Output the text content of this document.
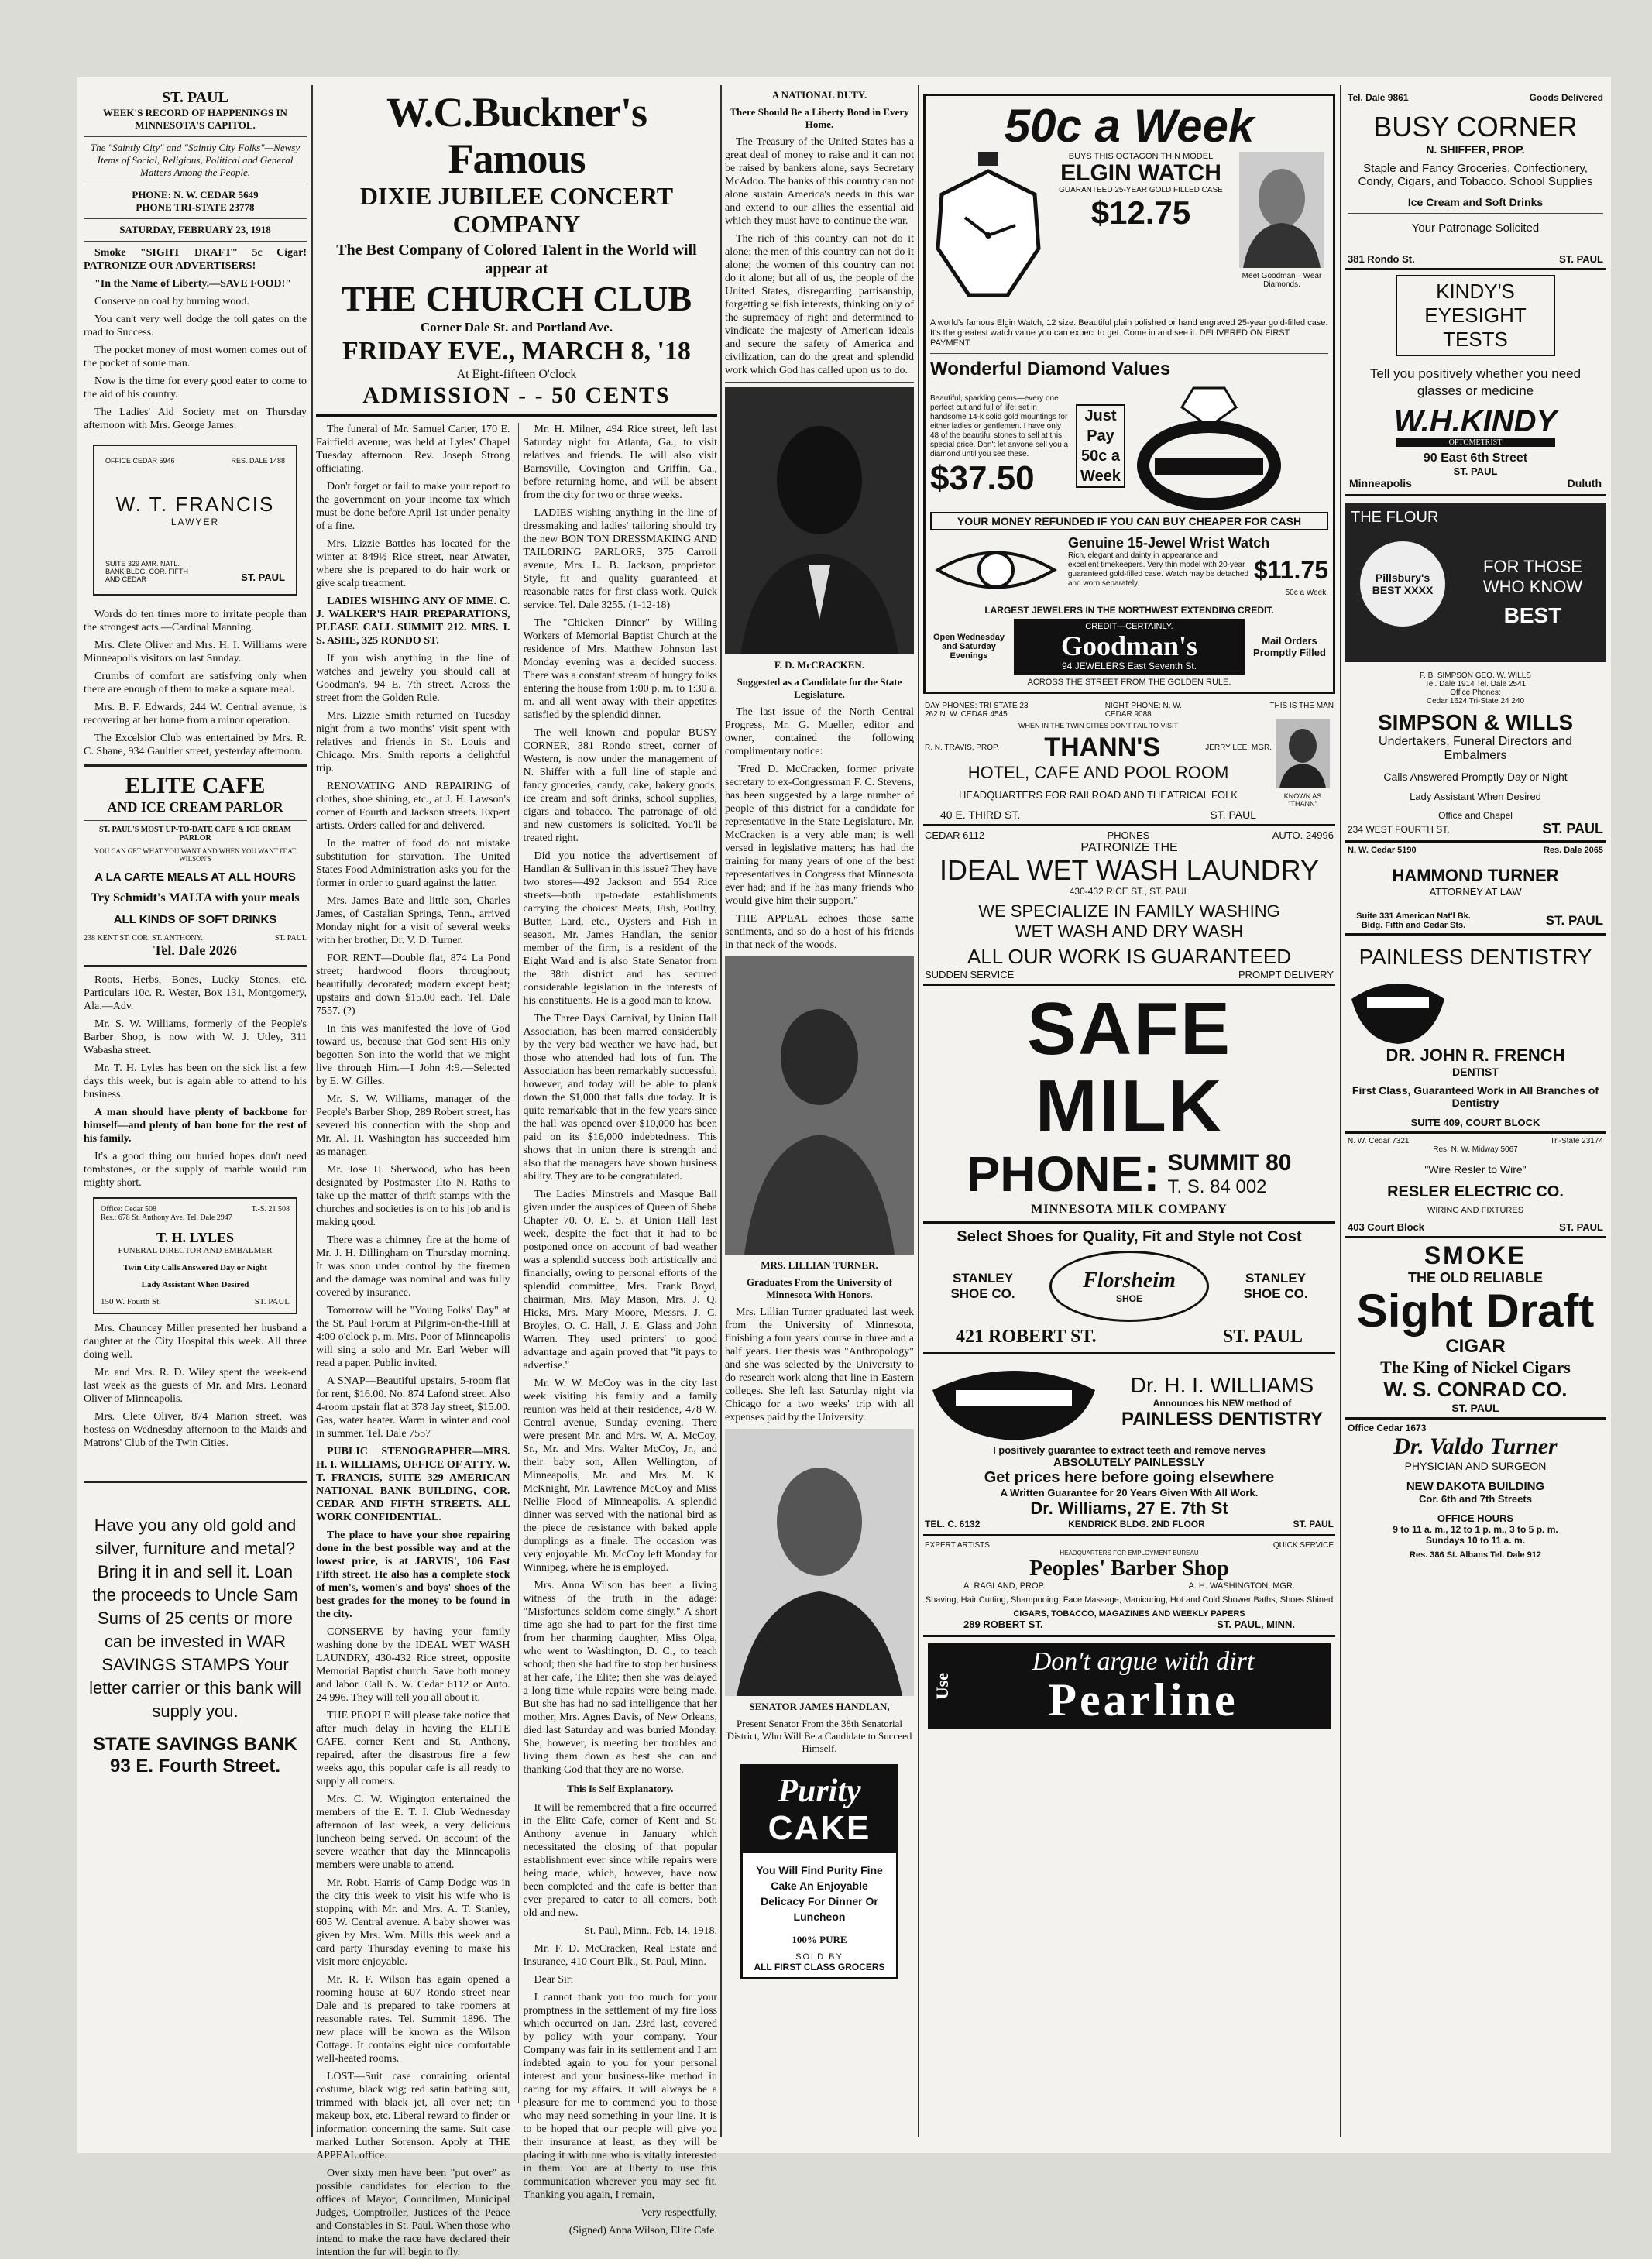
ST. PAUL
WEEK'S RECORD OF HAPPENINGS IN MINNESOTA'S CAPITOL.
The "Saintly City" and "Saintly City Folks"—Newsy Items of Social, Religious, Political and General Matters Among the People.
PHONE: N. W. CEDAR 5649
PHONE TRI-STATE 23778
SATURDAY, FEBRUARY 23, 1918

Smoke "SIGHT DRAFT" 5c Cigar! PATRONIZE OUR ADVERTISERS!

"In the Name of Liberty.—SAVE FOOD!"

Conserve on coal by burning wood.

You can't very well dodge the toll gates on the road to Success.

The pocket money of most women comes out of the pocket of some man.

Now is the time for every good eater to come to the aid of his country.

The Ladies' Aid Society met on Thursday afternoon with Mrs. George James.

OFFICE CEDAR 5946	RES. DALE 1488
W. T. FRANCIS
LAWYER
SUITE 329 AMR. NATL. BANK BLDG. COR. FIFTH AND CEDAR	ST. PAUL

Words do ten times more to irritate people than the strongest acts.—Cardinal Manning.

Mrs. Clete Oliver and Mrs. H. I. Williams were Minneapolis visitors on last Sunday.

Crumbs of comfort are satisfying only when there are enough of them to make a square meal.

Mrs. B. F. Edwards, 244 W. Central avenue, is recovering at her home from a minor operation.

The Excelsior Club was entertained by Mrs. R. C. Shane, 934 Gaultier street, yesterday afternoon.

ELITE CAFE
AND ICE CREAM PARLOR
ST. PAUL'S MOST UP-TO-DATE CAFE & ICE CREAM PARLOR
YOU CAN GET WHAT YOU WANT AND WHEN YOU WANT IT AT WILSON'S
A LA CARTE MEALS AT ALL HOURS
Try Schmidt's MALTA with your meals
ALL KINDS OF SOFT DRINKS
238 KENT ST. COR. ST. ANTHONY.	ST. PAUL
Tel. Dale 2026

Roots, Herbs, Bones, Lucky Stones, etc. Particulars 10c. R. Wester, Box 131, Montgomery, Ala.—Adv.

Mr. S. W. Williams, formerly of the People's Barber Shop, is now with W. J. Utley, 311 Wabasha street.

Mr. T. H. Lyles has been on the sick list a few days this week, but is again able to attend to his business.

A man should have plenty of backbone for himself—and plenty of ban bone for the rest of his family.

It's a good thing our buried hopes don't need tombstones, or the supply of marble would run mighty short.

Office: Cedar 508	T.-S. 21 508
Res.: 678 St. Anthony Ave. Tel. Dale 2947
T. H. LYLES
FUNERAL DIRECTOR AND EMBALMER
Twin City Calls Answered Day or Night
Lady Assistant When Desired
150 W. Fourth St.	ST. PAUL

Mrs. Chauncey Miller presented her husband a daughter at the City Hospital this week. All three doing well.

Mr. and Mrs. R. D. Wiley spent the week-end last week as the guests of Mr. and Mrs. Leonard Oliver of Minneapolis.

Mrs. Clete Oliver, 874 Marion street, was hostess on Wednesday afternoon to the Maids and Matrons' Club of the Twin Cities.

Have you any old gold and silver, furniture and metal? Bring it in and sell it. Loan the proceeds to Uncle Sam Sums of 25 cents or more can be invested in WAR SAVINGS STAMPS Your letter carrier or this bank will supply you.
STATE SAVINGS BANK
93 E. Fourth Street.
W.C.Buckner's Famous
DIXIE JUBILEE CONCERT
COMPANY
The Best Company of Colored Talent in the World will appear at
THE CHURCH CLUB
Corner Dale St. and Portland Ave.
FRIDAY EVE., MARCH 8, '18
At Eight-fifteen O'clock
ADMISSION - - 50 CENTS

The funeral of Mr. Samuel Carter, 170 E. Fairfield avenue, was held at Lyles' Chapel Tuesday afternoon. Rev. Joseph Strong officiating.

Don't forget or fail to make your report to the government on your income tax which must be done before April 1st under penalty of a fine.

Mrs. Lizzie Battles has located for the winter at 849½ Rice street, near Atwater, where she is prepared to do hair work or give scalp treatment.

LADIES WISHING ANY OF MME. C. J. WALKER'S HAIR PREPARATIONS, PLEASE CALL SUMMIT 212. MRS. I. S. ASHE, 325 RONDO ST.

If you wish anything in the line of watches and jewelry you should call at Goodman's, 94 E. 7th street. Across the street from the Golden Rule.

Mrs. Lizzie Smith returned on Tuesday night from a two months' visit spent with relatives and friends in St. Louis and Chicago. Mrs. Smith reports a delightful trip.

RENOVATING AND REPAIRING of clothes, shoe shining, etc., at J. H. Lawson's corner of Fourth and Jackson streets. Expert artists. Orders called for and delivered.

In the matter of food do not mistake substitution for starvation. The United States Food Administration asks you for the former in order to guard against the latter.

Mrs. James Bate and little son, Charles James, of Castalian Springs, Tenn., arrived Monday night for a visit of several weeks with her brother, Dr. V. D. Turner.

FOR RENT—Double flat, 874 La Pond street; hardwood floors throughout; beautifully decorated; modern except heat; upstairs and down $15.00 each. Tel. Dale 7557. (?)

In this was manifested the love of God toward us, because that God sent His only begotten Son into the world that we might live through Him.—I John 4:9.—Selected by E. W. Gilles.

Mr. S. W. Williams, manager of the People's Barber Shop, 289 Robert street, has severed his connection with the shop and Mr. Al. H. Washington has succeeded him as manager.

Mr. Jose H. Sherwood, who has been designated by Postmaster Ilto N. Raths to take up the matter of thrift stamps with the churches and societies is on to his job and is making good.

There was a chimney fire at the home of Mr. J. H. Dillingham on Thursday morning. It was soon under control by the firemen and the damage was nominal and was fully covered by insurance.

Tomorrow will be "Young Folks' Day" at the St. Paul Forum at Pilgrim-on-the-Hill at 4:00 o'clock p. m. Mrs. Poor of Minneapolis will sing a solo and Mr. Earl Weber will read a paper. Public invited.

A SNAP—Beautiful upstairs, 5-room flat for rent, $16.00. No. 874 Lafond street. Also 4-room upstair flat at 378 Jay street, $15.00. Gas, water heater. Warm in winter and cool in summer. Tel. Dale 7557

PUBLIC STENOGRAPHER—MRS. H. I. WILLIAMS, OFFICE OF ATTY. W. T. FRANCIS, SUITE 329 AMERICAN NATIONAL BANK BUILDING, COR. CEDAR AND FIFTH STREETS. ALL WORK CONFIDENTIAL.

The place to have your shoe repairing done in the best possible way and at the lowest price, is at JARVIS', 106 East Fifth street. He also has a complete stock of men's, women's and boys' shoes of the best grades for the money to be found in the city.

CONSERVE by having your family washing done by the IDEAL WET WASH LAUNDRY, 430-432 Rice street, opposite Memorial Baptist church. Save both money and labor. Call N. W. Cedar 6112 or Auto. 24 996. They will tell you all about it.

THE PEOPLE will please take notice that after much delay in having the ELITE CAFE, corner Kent and St. Anthony, repaired, after the disastrous fire a few weeks ago, this popular cafe is all ready to supply all comers.

Mrs. C. W. Wigington entertained the members of the E. T. I. Club Wednesday afternoon of last week, a very delicious luncheon being served. On account of the severe weather that day the Minneapolis members were unable to attend.

Mr. Robt. Harris of Camp Dodge was in the city this week to visit his wife who is stopping with Mr. and Mrs. A. T. Stanley, 605 W. Central avenue. A baby shower was given by Mrs. Wm. Mills this week and a card party Thursday evening to make his visit more enjoyable.

Mr. R. F. Wilson has again opened a rooming house at 607 Rondo street near Dale and is prepared to take roomers at reasonable rates. Tel. Summit 1896. The new place will be known as the Wilson Cottage. It contains eight nice comfortable well-heated rooms.

LOST—Suit case containing oriental costume, black wig; red satin bathing suit, trimmed with black jet, all over net; tin makeup box, etc. Liberal reward to finder or information concerning the same. Suit case marked Luther Sorenson. Apply at THE APPEAL office.

Over sixty men have been "put over" as possible candidates for election to the offices of Mayor, Councilmen, Municipal Judges, Comptroller, Justices of the Peace and Constables in St. Paul. When those who intend to make the race have declared their intention the fur will begin to fly.

Mr. H. Milner, 494 Rice street, left last Saturday night for Atlanta, Ga., to visit relatives and friends. He will also visit Barnsville, Covington and Griffin, Ga., before returning home, and will be absent from the city for two or three weeks.

LADIES wishing anything in the line of dressmaking and ladies' tailoring should try the new BON TON DRESSMAKING AND TAILORING PARLORS, 375 Carroll avenue, Mrs. L. B. Jackson, proprietor. Style, fit and quality guaranteed at reasonable rates for first class work. Quick service. Tel. Dale 3255. (1-12-18)

The "Chicken Dinner" by Willing Workers of Memorial Baptist Church at the residence of Mrs. Matthew Johnson last Monday evening was a decided success. There was a constant stream of hungry folks entering the house from 1:00 p. m. to 1:30 a. m. and all went away with their appetites satisfied by the splendid dinner.

The well known and popular BUSY CORNER, 381 Rondo street, corner of Western, is now under the management of N. Shiffer with a full line of staple and fancy groceries, candy, cake, bakery goods, ice cream and soft drinks, school supplies, cigars and tobacco. The patronage of old and new customers is solicited. You'll be treated right.

Did you notice the advertisement of Handlan & Sullivan in this issue? They have two stores—492 Jackson and 554 Rice streets—both up-to-date establishments carrying the choicest Meats, Fish, Poultry, Butter, Lard, etc., Oysters and Fish in season. Mr. James Handlan, the senior member of the firm, is a resident of the Eight Ward and is also State Senator from the 38th district and has secured considerable legislation in the interests of his constituents. He is a good man to know.

The Three Days' Carnival, by Union Hall Association, has been marred considerably by the very bad weather we have had, but those who attended had lots of fun. The Association has been remarkably successful, however, and today will be able to plank down the $1,000 that falls due today. It is quite remarkable that in the few years since the hall was opened over $10,000 has been paid on its $16,000 indebtedness. This shows that in union there is strength and also that the managers have shown business ability. They are to be congratulated.

The Ladies' Minstrels and Masque Ball given under the auspices of Queen of Sheba Chapter 70. O. E. S. at Union Hall last week, despite the fact that it had to be postponed once on account of bad weather was a splendid success both artistically and financially, owing to personal efforts of the splendid committee, Mrs. Frank Boyd, chairman, Mrs. May Mason, Mrs. J. Q. Hicks, Mrs. Mary Moore, Messrs. J. C. Broyles, O. C. Hall, J. E. Glass and John Warren. They used printers' to good advantage and again proved that "it pays to advertise."

Mr. W. W. McCoy was in the city last week visiting his family and a family reunion was held at their residence, 478 W. Central avenue, Sunday evening. There were present Mr. and Mrs. W. A. McCoy, Sr., Mr. and Mrs. Walter McCoy, Jr., and their baby son, Allen Wellington, of Minneapolis, Mr. and Mrs. M. K. McKnight, Mr. Lawrence McCoy and Miss Nellie Flood of Minneapolis. A splendid dinner was served with the national bird as the piece de resistance with baked apple dumplings as a finale. The occasion was very enjoyable. Mr. McCoy left Monday for Winnipeg, where he is employed.

Mrs. Anna Wilson has been a living witness of the truth in the adage: "Misfortunes seldom come singly." A short time ago she had to part for the first time from her charming daughter, Miss Olga, who went to Washington, D. C., to teach school; then she had fire to stop her business at her cafe, The Elite; then she was delayed a long time while repairs were being made. But she has had no sad intelligence that her mother, Mrs. Agnes Davis, of New Orleans, died last Saturday and was buried Monday. She, however, is meeting her troubles and living them down as best she can and thanking God that they are no worse.

This Is Self Explanatory.

It will be remembered that a fire occurred in the Elite Cafe, corner of Kent and St. Anthony avenue in January which necessitated the closing of that popular establishment ever since while repairs were being made, which, however, have now been completed and the cafe is better than ever prepared to cater to all comers, both old and new.

St. Paul, Minn., Feb. 14, 1918.

Mr. F. D. McCracken, Real Estate and Insurance, 410 Court Blk., St. Paul, Minn.

Dear Sir:

I cannot thank you too much for your promptness in the settlement of my fire loss which occurred on Jan. 23rd last, covered by policy with your company. Your Company was fair in its settlement and I am indebted again to you for your personal interest and your business-like method in caring for my affairs. It will always be a pleasure for me to commend you to those who may need something in your line. It is to be hoped that our people will give you their insurance at least, as they will be placing it with one who is vitally interested in them. You are at liberty to use this communication wherever you may see fit. Thanking you again, I remain,

Very respectfully,

(Signed) Anna Wilson, Elite Cafe.

A NATIONAL DUTY.
There Should Be a Liberty Bond in Every Home.

The Treasury of the United States has a great deal of money to raise and it can not be raised by bankers alone, says Secretary McAdoo. The banks of this country can not alone sustain America's needs in this war and extend to our allies the essential aid which they must have to continue the war.

The rich of this country can not do it alone; the men of this country can not do it alone; the women of this country can not do it alone; but all of us, the people of the United States, disregarding partisanship, forgetting selfish interests, thinking only of the supremacy of right and determined to vindicate the majesty of American ideals and secure the safety of America and civilization, can do the great and splendid work which God has called upon us to do.

F. D. McCRACKEN.
Suggested as a Candidate for the State Legislature.

The last issue of the North Central Progress, Mr. G. Mueller, editor and owner, contained the following complimentary notice:

"Fred D. McCracken, former private secretary to ex-Congressman F. C. Stevens, has been suggested by a large number of people of this district for a candidate for representative in the State Legislature. Mr. McCracken is a very able man; is well versed in legislative matters; has had the training for many years of one of the best representatives in Congress that Minnesota ever had; and if he has many friends who would give him their support."

THE APPEAL echoes those same sentiments, and so do a host of his friends in that neck of the woods.

MRS. LILLIAN TURNER.
Graduates From the University of Minnesota With Honors.

Mrs. Lillian Turner graduated last week from the University of Minnesota, finishing a four years' course in three and a half years. Her thesis was "Anthropology" and she was selected by the University to do research work along that line in Eastern colleges. She left last Saturday night via Chicago for a two weeks' trip with all expenses paid by the University.

SENATOR JAMES HANDLAN,
Present Senator From the 38th Senatorial District, Who Will Be a Candidate to Succeed Himself.
Purity
CAKE
You Will Find Purity Fine Cake An Enjoyable Delicacy For Dinner Or Luncheon
100% PURE
SOLD BY
ALL FIRST CLASS GROCERS
50c a Week
BUYS THIS OCTAGON THIN MODEL
ELGIN WATCH
GUARANTEED 25-YEAR GOLD FILLED CASE
$12.75
Meet Goodman—Wear Diamonds.
A world's famous Elgin Watch, 12 size. Beautiful plain polished or hand engraved 25-year gold-filled case. It's the greatest watch value you can expect to get. Come in and see it. DELIVERED ON FIRST PAYMENT.
Wonderful Diamond Values
Beautiful, sparkling gems—every one perfect cut and full of life; set in handsome 14-k solid gold mountings for either ladies or gentlemen. I have only 48 of the beautiful stones to sell at this special price. Don't let anyone sell you a diamond until you see these.
$37.50
Just Pay 50c a Week
YOUR MONEY REFUNDED IF YOU CAN BUY CHEAPER FOR CASH
Genuine 15-Jewel Wrist Watch
Rich, elegant and dainty in appearance and excellent timekeepers. Very thin model with 20-year guaranteed gold-filled case. Watch may be detached and worn separately.	$11.75
50c a Week.
LARGEST JEWELERS IN THE NORTHWEST EXTENDING CREDIT.
Open Wednesday and Saturday Evenings
CREDIT—CERTAINLY.
Goodman's
94 JEWELERS East Seventh St.
Mail Orders Promptly Filled
ACROSS THE STREET FROM THE GOLDEN RULE.
DAY PHONES: TRI STATE 23 262 N. W. CEDAR 4545
NIGHT PHONE: N. W. CEDAR 9088
THIS IS THE MAN
WHEN IN THE TWIN CITIES DON'T FAIL TO VISIT
R. N. TRAVIS, PROP. THANN'S	JERRY LEE, MGR.
HOTEL, CAFE AND POOL ROOM
HEADQUARTERS FOR RAILROAD AND THEATRICAL FOLK
40 E. THIRD ST.	ST. PAUL
KNOWN AS "THANN"
CEDAR 6112	PHONES	AUTO. 24996
PATRONIZE THE
IDEAL WET WASH LAUNDRY
430-432 RICE ST., ST. PAUL
WE SPECIALIZE IN FAMILY WASHING
WET WASH AND DRY WASH
ALL OUR WORK IS GUARANTEED
SUDDEN SERVICE	PROMPT DELIVERY
SAFE MILK
PHONE: SUMMIT 80
T. S. 84 002
MINNESOTA MILK COMPANY
Select Shoes for Quality, Fit and Style not Cost
STANLEY SHOE CO.
Florsheim
SHOE
STANLEY SHOE CO.
421 ROBERT ST.	ST. PAUL
Dr. H. I. WILLIAMS
Announces his NEW method of
PAINLESS DENTISTRY
I positively guarantee to extract teeth and remove nerves
ABSOLUTELY PAINLESSLY
Get prices here before going elsewhere
A Written Guarantee for 20 Years Given With All Work.
Dr. Williams, 27 E. 7th St
TEL. C. 6132	KENDRICK BLDG. 2ND FLOOR	ST. PAUL
EXPERT ARTISTS	QUICK SERVICE
HEADQUARTERS FOR EMPLOYMENT BUREAU
Peoples' Barber Shop
A. RAGLAND, PROP.	A. H. WASHINGTON, MGR.
Shaving, Hair Cutting, Shampooing, Face Massage, Manicuring, Hot and Cold Shower Baths, Shoes Shined
CIGARS, TOBACCO, MAGAZINES AND WEEKLY PAPERS
289 ROBERT ST.	ST. PAUL, MINN.
Use
Don't argue with dirt
Pearline
Tel. Dale 9861	Goods Delivered
BUSY CORNER
N. SHIFFER, PROP.
Staple and Fancy Groceries, Confectionery, Condy, Cigars, and Tobacco. School Supplies
Ice Cream and Soft Drinks
Your Patronage Solicited
381 Rondo St.	ST. PAUL
KINDY'S
EYESIGHT
TESTS
Tell you positively whether you need glasses or medicine
W.H.KINDY
OPTOMETRIST
90 East 6th Street
ST. PAUL
Minneapolis	Duluth
THE FLOUR
Pillsbury's BEST XXXX
FOR THOSE WHO KNOW
BEST
F. B. SIMPSON GEO. W. WILLS
Tel. Dale 1914 Tel. Dale 2541
Office Phones:
Cedar 1624 Tri-State 24 240
SIMPSON & WILLS
Undertakers, Funeral Directors and Embalmers
Calls Answered Promptly Day or Night
Lady Assistant When Desired
Office and Chapel
234 WEST FOURTH ST.	ST. PAUL
N. W. Cedar 5190	Res. Dale 2065
HAMMOND TURNER
ATTORNEY AT LAW
Suite 331 American Nat'l Bk. Bldg. Fifth and Cedar Sts.	ST. PAUL
PAINLESS DENTISTRY
DR. JOHN R. FRENCH
DENTIST
First Class, Guaranteed Work in All Branches of Dentistry
SUITE 409, COURT BLOCK
N. W. Cedar 7321	Tri-State 23174
Res. N. W. Midway 5067
"Wire Resler to Wire"
RESLER ELECTRIC CO.
WIRING AND FIXTURES
403 Court Block	ST. PAUL
SMOKE
THE OLD RELIABLE
Sight Draft
CIGAR
The King of Nickel Cigars
W. S. CONRAD CO.
ST. PAUL
Office Cedar 1673
Dr. Valdo Turner
PHYSICIAN AND SURGEON
NEW DAKOTA BUILDING
Cor. 6th and 7th Streets
OFFICE HOURS
9 to 11 a. m., 12 to 1 p. m., 3 to 5 p. m.
Sundays 10 to 11 a. m.
Res. 386 St. Albans Tel. Dale 912
